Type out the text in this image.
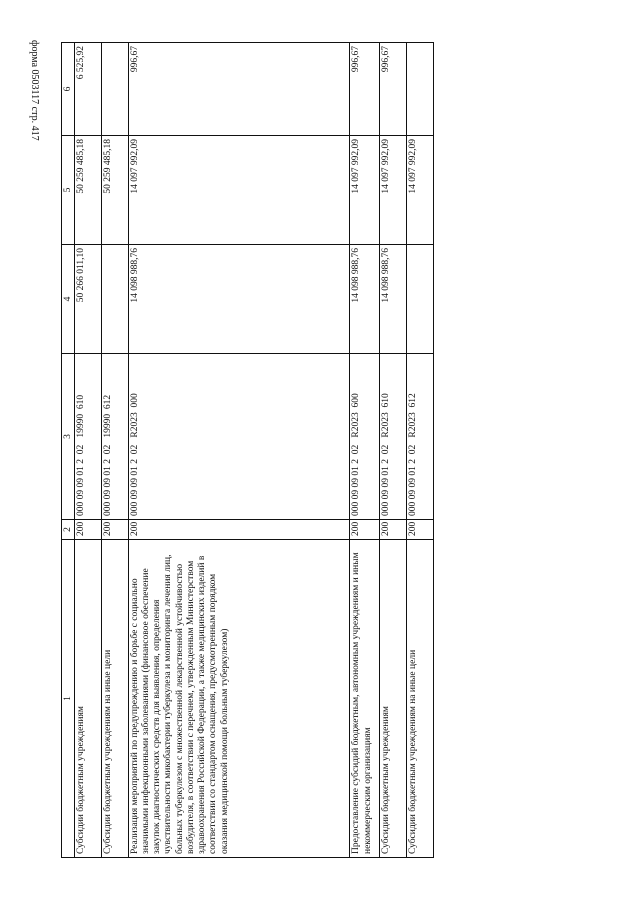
форма 0503117 стр. 417
1	2	3	4	5	6
Субсидии бюджетным учреждениям	200	000 09 09 01 2  02   19990  610	50 266 011,10	50 259 485,18	6 525,92
Субсидии бюджетным учреждениям на иные цели	200	000 09 09 01 2  02   19990  612		50 259 485,18	
Реализация мероприятий по предупреждению и борьбе с социально значимыми инфекционными заболеваниями (финансовое обеспечение закупок диагностических средств для выявления, определения чувствительности микобактерии туберкулеза и мониторинга лечения лиц, больных туберкулезом с множественной лекарственной устойчивостью возбудителя, в соответствии с перечнем, утвержденным Министерством здравоохранения Российской Федерации, а также медицинских изделий в соответствии со стандартом оснащения, предусмотренным порядком оказания медицинской помощи больным туберкулезом)	200	000 09 09 01 2  02   R2023  000	14 098 988,76	14 097 992,09	996,67
Предоставление субсидий бюджетным, автономным учреждениям и иным некоммерческим организациям	200	000 09 09 01 2  02   R2023  600	14 098 988,76	14 097 992,09	996,67
Субсидии бюджетным учреждениям	200	000 09 09 01 2  02   R2023  610	14 098 988,76	14 097 992,09	996,67
Субсидии бюджетным учреждениям на иные цели	200	000 09 09 01 2  02   R2023  612		14 097 992,09	
